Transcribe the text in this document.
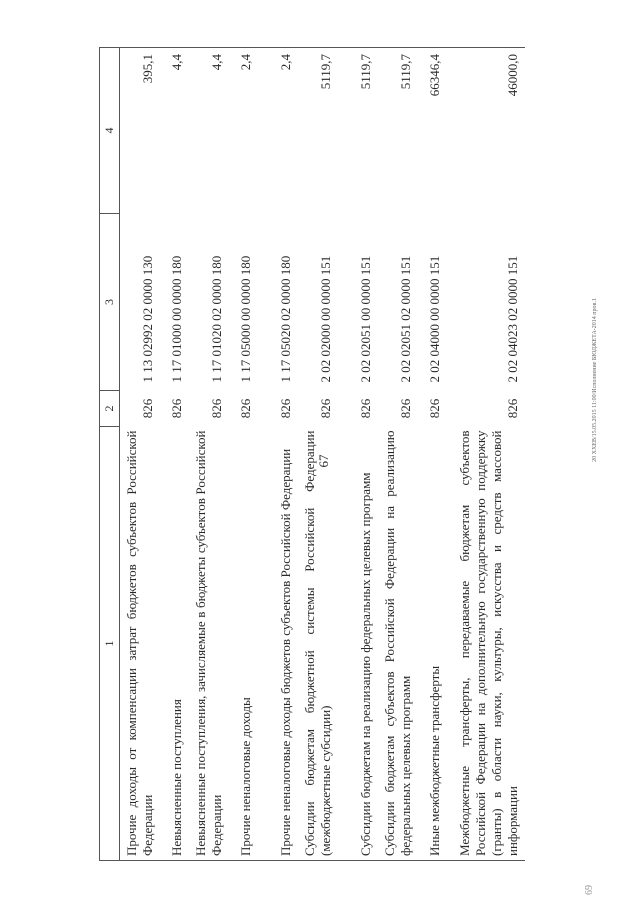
67	20 ХХЕВ/15.05.2015 11:00/Исполнение БЮДЖЕТА-2014 пров.1
69
1	2	3	4
Прочие доходы от компенсации затрат бюджетов субъектов Российской Федерации	826	1 13 02992 02 0000 130	395,1
Невыясненные поступления	826	1 17 01000 00 0000 180	4,4
Невыясненные поступления, зачисляемые в бюджеты субъектов Российской Федерации	826	1 17 01020 02 0000 180	4,4
Прочие неналоговые доходы	826	1 17 05000 00 0000 180	2,4
Прочие неналоговые доходы бюджетов субъектов Российской Федерации	826	1 17 05020 02 0000 180	2,4
Субсидии бюджетам бюджетной системы Российской Федерации (межбюджетные субсидии)	826	2 02 02000 00 0000 151	5119,7
Субсидии бюджетам на реализацию федеральных целевых программ	826	2 02 02051 00 0000 151	5119,7
Субсидии бюджетам субъектов Российской Федерации на реализацию федеральных целевых программ	826	2 02 02051 02 0000 151	5119,7
Иные межбюджетные трансферты	826	2 02 04000 00 0000 151	66346,4
Межбюджетные трансферты, передаваемые бюджетам субъектов Российской Федерации на дополнительную государственную поддержку (гранты) в области науки, культуры, искусства и средств массовой информации	826	2 02 04023 02 0000 151	46000,0
